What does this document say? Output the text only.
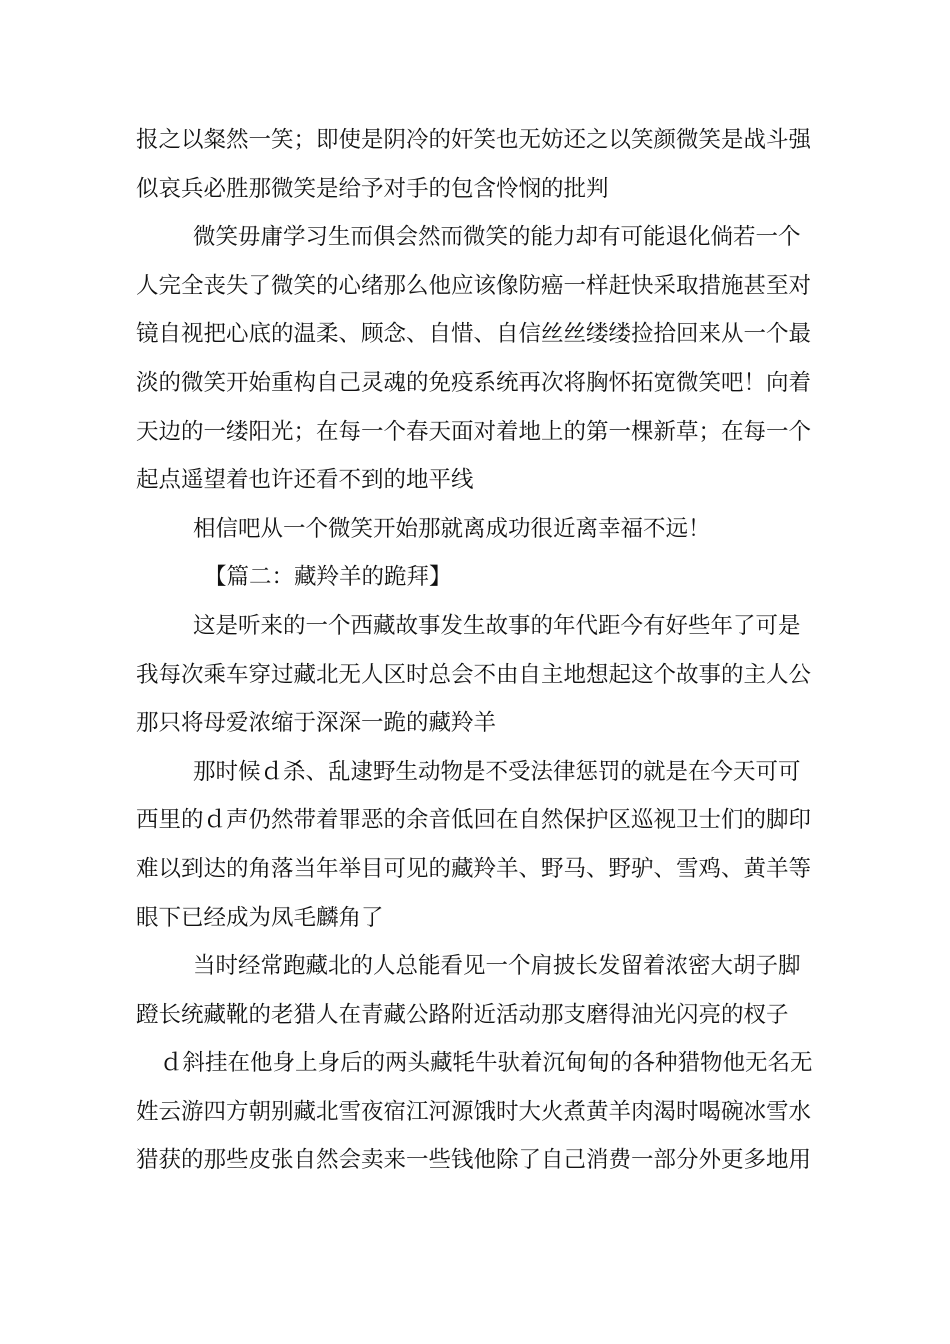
报之以粲然一笑；即使是阴冷的奸笑也无妨还之以笑颜微笑是战斗强
似哀兵必胜那微笑是给予对手的包含怜悯的批判
微笑毋庸学习生而俱会然而微笑的能力却有可能退化倘若一个
人完全丧失了微笑的心绪那么他应该像防癌一样赶快采取措施甚至对
镜自视把心底的温柔、顾念、自惜、自信丝丝缕缕捡拾回来从一个最
淡的微笑开始重构自己灵魂的免疫系统再次将胸怀拓宽微笑吧！向着
天边的一缕阳光；在每一个春天面对着地上的第一棵新草；在每一个
起点遥望着也许还看不到的地平线
相信吧从一个微笑开始那就离成功很近离幸福不远！
【篇二：藏羚羊的跪拜】
这是听来的一个西藏故事发生故事的年代距今有好些年了可是
我每次乘车穿过藏北无人区时总会不由自主地想起这个故事的主人公
那只将母爱浓缩于深深一跪的藏羚羊
那时候ｄ杀、乱逮野生动物是不受法律惩罚的就是在今天可可
西里的ｄ声仍然带着罪恶的余音低回在自然保护区巡视卫士们的脚印
难以到达的角落当年举目可见的藏羚羊、野马、野驴、雪鸡、黄羊等
眼下已经成为凤毛麟角了
当时经常跑藏北的人总能看见一个肩披长发留着浓密大胡子脚
蹬长统藏靴的老猎人在青藏公路附近活动那支磨得油光闪亮的杈子
ｄ斜挂在他身上身后的两头藏牦牛驮着沉甸甸的各种猎物他无名无
姓云游四方朝别藏北雪夜宿江河源饿时大火煮黄羊肉渴时喝碗冰雪水
猎获的那些皮张自然会卖来一些钱他除了自己消费一部分外更多地用
